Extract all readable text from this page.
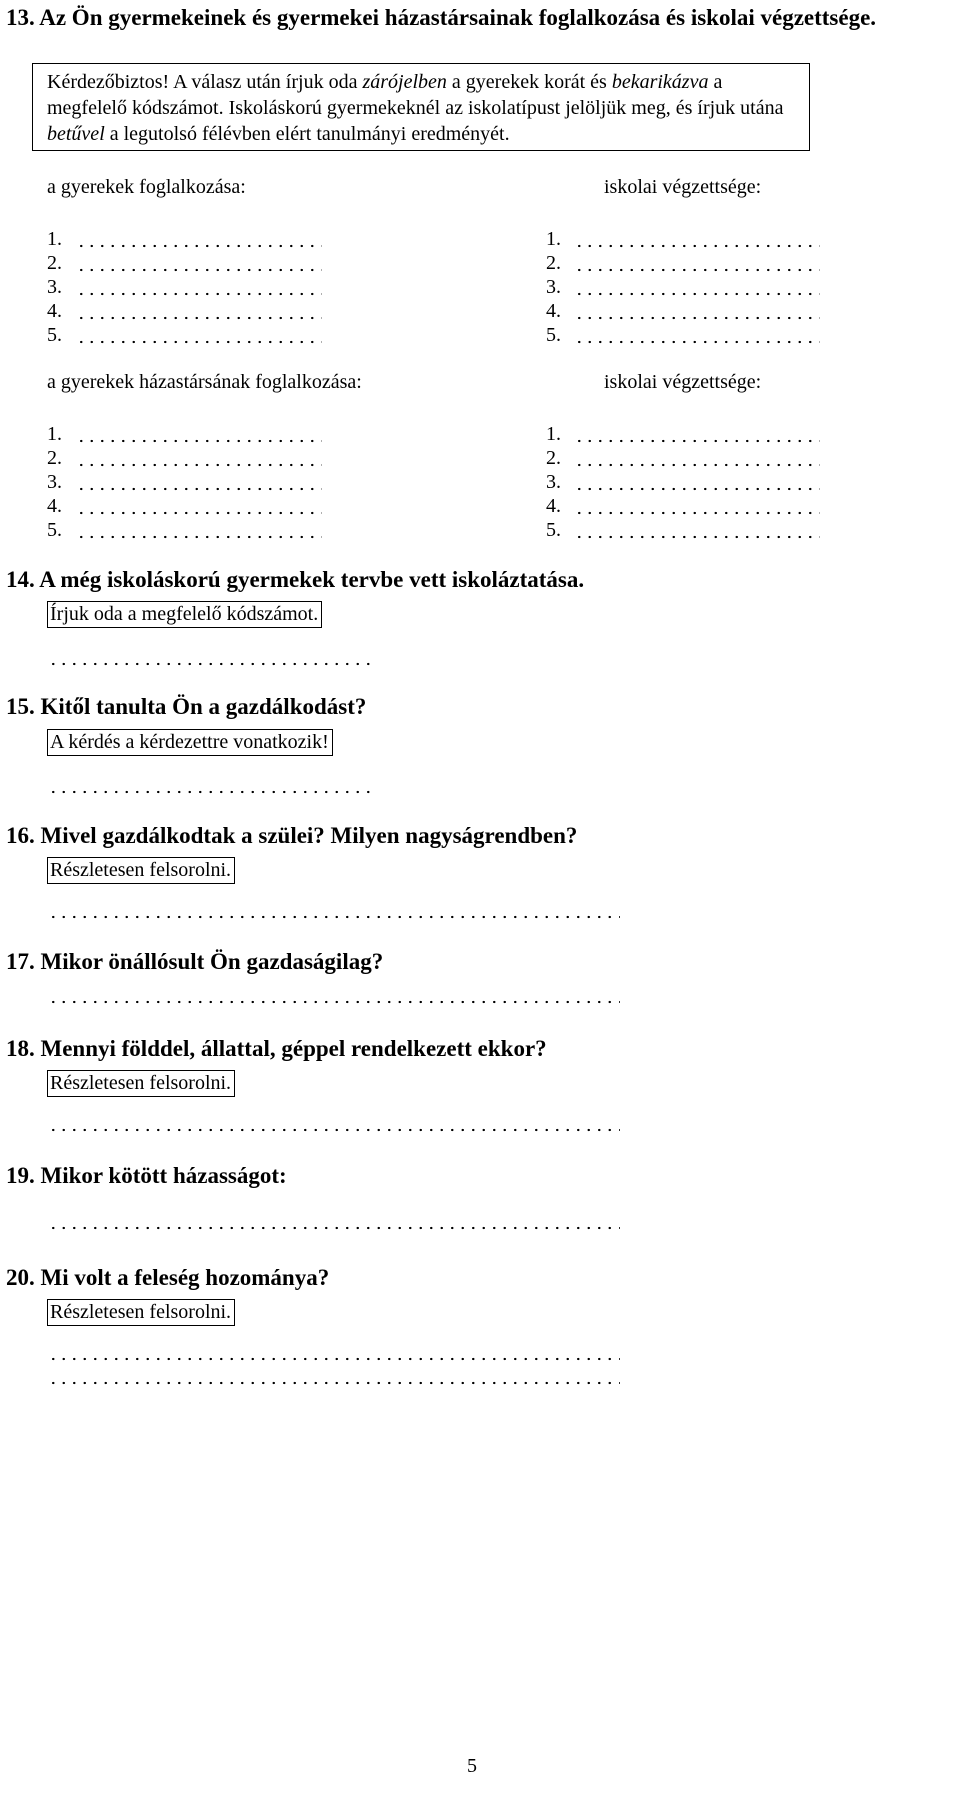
13. Az Ön gyermekeinek és gyermekei házastársainak foglalkozása és iskolai végzettsége.
Kérdezőbiztos! A válasz után írjuk oda zárójelben a gyerekek korát és bekarikázva a megfelelő kódszámot. Iskoláskorú gyermekeknél az iskolatípust jelöljük meg, és írjuk utána betűvel a legutolsó félévben elért tanulmányi eredményét.
a gyerekek foglalkozása:	iskolai végzettsége:
1.	1.
2.	2.
3.	3.
4.	4.
5.	5.
a gyerekek házastársának foglalkozása:	iskolai végzettsége:
1.	1.
2.	2.
3.	3.
4.	4.
5.	5.
14. A még iskoláskorú gyermekek tervbe vett iskoláztatása.
Írjuk oda a megfelelő kódszámot.
15. Kitől tanulta Ön a gazdálkodást?
A kérdés a kérdezettre vonatkozik!
16. Mivel gazdálkodtak a szülei? Milyen nagyságrendben?
Részletesen felsorolni.
17. Mikor önállósult Ön gazdaságilag?
18. Mennyi földdel, állattal, géppel rendelkezett ekkor?
Részletesen felsorolni.
19. Mikor kötött házasságot:
20. Mi volt a feleség hozománya?
Részletesen felsorolni.
5
